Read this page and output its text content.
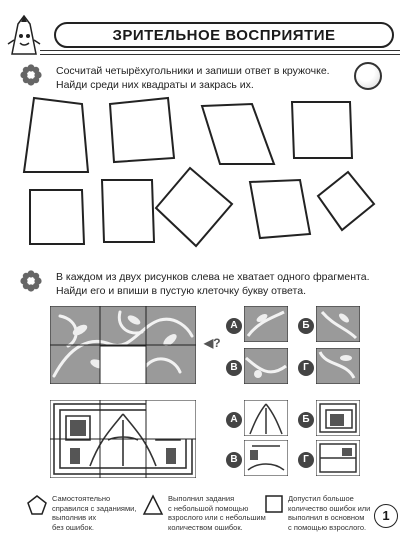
ЗРИТЕЛЬНОЕ ВОСПРИЯТИЕ
Сосчитай четырёхугольники и запиши ответ в кружочке.
Найди среди них квадраты и закрась их.
В каждом из двух рисунков слева не хватает одного фрагмента.
Найди его и впиши в пустую клеточку букву ответа.
◀?
А	Б
В	Г
А	Б
В	Г
Самостоятельно
справился с заданиями,
выполнив их
без ошибок.
Выполнил задания
с небольшой помощью
взрослого или с небольшим
количеством ошибок.
Допустил большое
количество ошибок или
выполнил в основном
с помощью взрослого.
1
